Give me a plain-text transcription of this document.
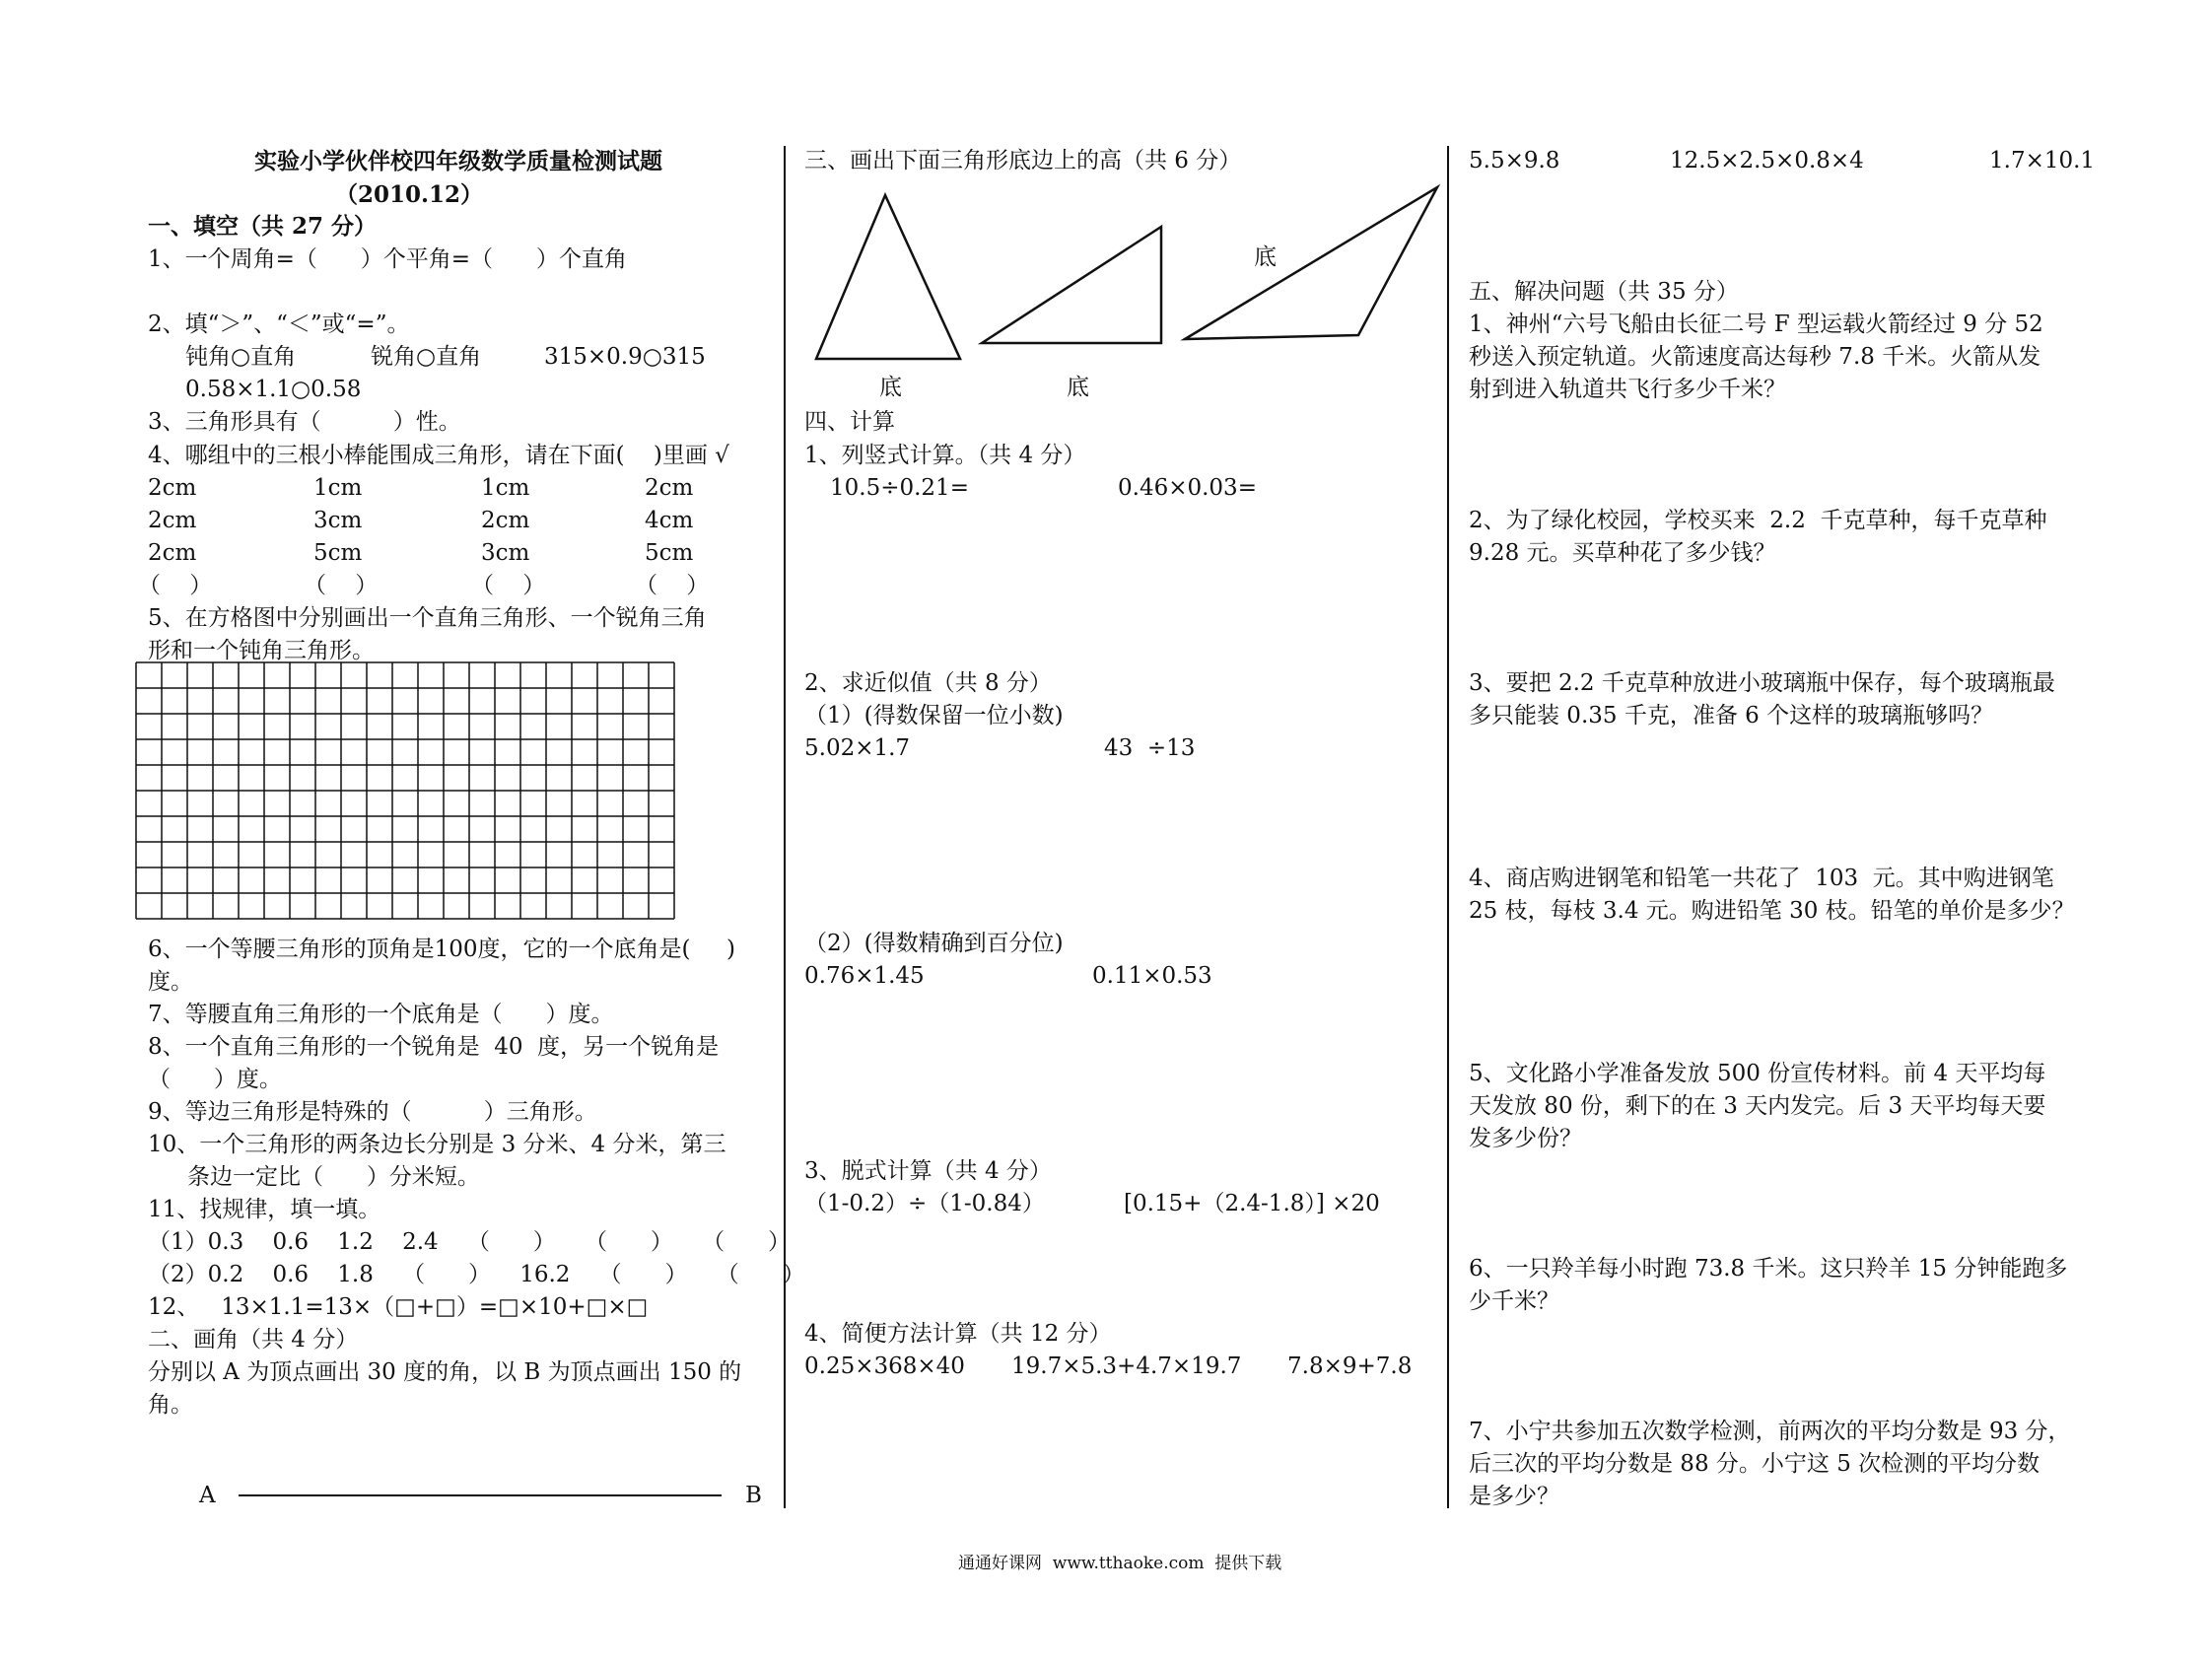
实验小学伙伴校四年级数学质量检测试题
（2010.12）
一、填空（共 27 分）
1、一个周角=（      ）个平角=（      ）个直角
2、填“＞”、“＜”或“=”。
钝角○直角	锐角○直角	315×0.9○315
0.58×1.1○0.58
3、三角形具有（          ）性。
4、哪组中的三根小棒能围成三角形，请在下面(    )里画 √
2cm	1cm	1cm	2cm
2cm	3cm	2cm	4cm
2cm	5cm	3cm	5cm
（    ）	（    ）	（    ）	（    ）
5、在方格图中分别画出一个直角三角形、一个锐角三角
形和一个钝角三角形。
6、一个等腰三角形的顶角是100度，它的一个底角是(     )
度。
7、等腰直角三角形的一个底角是（      ）度。
8、一个直角三角形的一个锐角是  40  度，另一个锐角是
（      ）度。
9、等边三角形是特殊的（          ）三角形。
10、一个三角形的两条边长分别是 3 分米、4 分米，第三
条边一定比（      ）分米短。
11、找规律，填一填。
（1）0.3    0.6    1.2    2.4    （      ）    （      ）    （      ）
（2）0.2    0.6    1.8    （      ）    16.2    （      ）    （      ）
12、   13×1.1=13×（□+□）=□×10+□×□
二、画角（共 4 分）
分别以 A 为顶点画出 30 度的角，以 B 为顶点画出 150 的
角。
A	B
三、画出下面三角形底边上的高（共 6 分）
底	底
底
四、计算
1、列竖式计算。（共 4 分）
10.5÷0.21=	0.46×0.03=
2、求近似值（共 8 分）
（1）(得数保留一位小数)
5.02×1.7	43  ÷13
（2）(得数精确到百分位)
0.76×1.45	0.11×0.53
3、脱式计算（共 4 分）
（1-0.2）÷（1-0.84）	[0.15+（2.4-1.8）] ×20
4、简便方法计算（共 12 分）
0.25×368×40 19.7×5.3+4.7×19.7 7.8×9+7.8
5.5×9.8	12.5×2.5×0.8×4	1.7×10.1
五、解决问题（共 35 分）
1、神州“六号飞船由长征二号 F 型运载火箭经过 9 分 52
秒送入预定轨道。火箭速度高达每秒 7.8 千米。火箭从发
射到进入轨道共飞行多少千米？
2、为了绿化校园，学校买来  2.2  千克草种，每千克草种
9.28 元。买草种花了多少钱？
3、要把 2.2 千克草种放进小玻璃瓶中保存，每个玻璃瓶最
多只能装 0.35 千克，准备 6 个这样的玻璃瓶够吗？
4、商店购进钢笔和铅笔一共花了  103  元。其中购进钢笔
25 枝，每枝 3.4 元。购进铅笔 30 枝。铅笔的单价是多少？
5、文化路小学准备发放 500 份宣传材料。前 4 天平均每
天发放 80 份，剩下的在 3 天内发完。后 3 天平均每天要
发多少份？
6、一只羚羊每小时跑 73.8 千米。这只羚羊 15 分钟能跑多
少千米？
7、小宁共参加五次数学检测，前两次的平均分数是 93 分，
后三次的平均分数是 88 分。小宁这 5 次检测的平均分数
是多少？
通通好课网  www.tthaoke.com  提供下载
